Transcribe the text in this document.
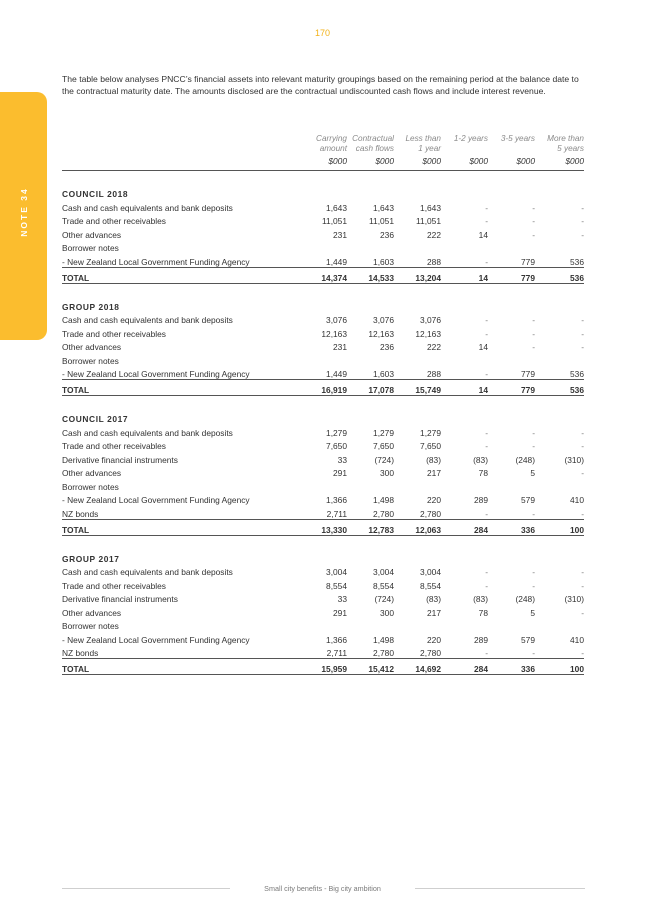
170
NOTE 34

The table below analyses PNCC’s financial assets into relevant maturity groupings based on the remaining period at the balance date to the contractual maturity date. The amounts disclosed are the contractual undiscounted cash flows and include interest revenue.

	Carrying	Contractual	Less than	1-2 years	3-5 years	More than
	amount	cash flows	1 year			5 years
	$000	$000	$000	$000	$000	$000

COUNCIL 2018						
Cash and cash equivalents and bank deposits	1,643	1,643	1,643	-	-	-
Trade and other receivables	11,051	11,051	11,051	-	-	-
Other advances	231	236	222	14	-	-
Borrower notes						
- New Zealand Local Government Funding Agency	1,449	1,603	288	-	779	536
TOTAL	14,374	14,533	13,204	14	779	536

GROUP 2018						
Cash and cash equivalents and bank deposits	3,076	3,076	3,076	-	-	-
Trade and other receivables	12,163	12,163	12,163	-	-	-
Other advances	231	236	222	14	-	-
Borrower notes						
- New Zealand Local Government Funding Agency	1,449	1,603	288	-	779	536
TOTAL	16,919	17,078	15,749	14	779	536

COUNCIL 2017						
Cash and cash equivalents and bank deposits	1,279	1,279	1,279	-	-	-
Trade and other receivables	7,650	7,650	7,650	-	-	-
Derivative financial instruments	33	(724)	(83)	(83)	(248)	(310)
Other advances	291	300	217	78	5	-
Borrower notes						
- New Zealand Local Government Funding Agency	1,366	1,498	220	289	579	410
NZ bonds	2,711	2,780	2,780	-	-	-
TOTAL	13,330	12,783	12,063	284	336	100

GROUP 2017						
Cash and cash equivalents and bank deposits	3,004	3,004	3,004	-	-	-
Trade and other receivables	8,554	8,554	8,554	-	-	-
Derivative financial instruments	33	(724)	(83)	(83)	(248)	(310)
Other advances	291	300	217	78	5	-
Borrower notes						
- New Zealand Local Government Funding Agency	1,366	1,498	220	289	579	410
NZ bonds	2,711	2,780	2,780	-	-	-
TOTAL	15,959	15,412	14,692	284	336	100
Small city benefits - Big city ambition
